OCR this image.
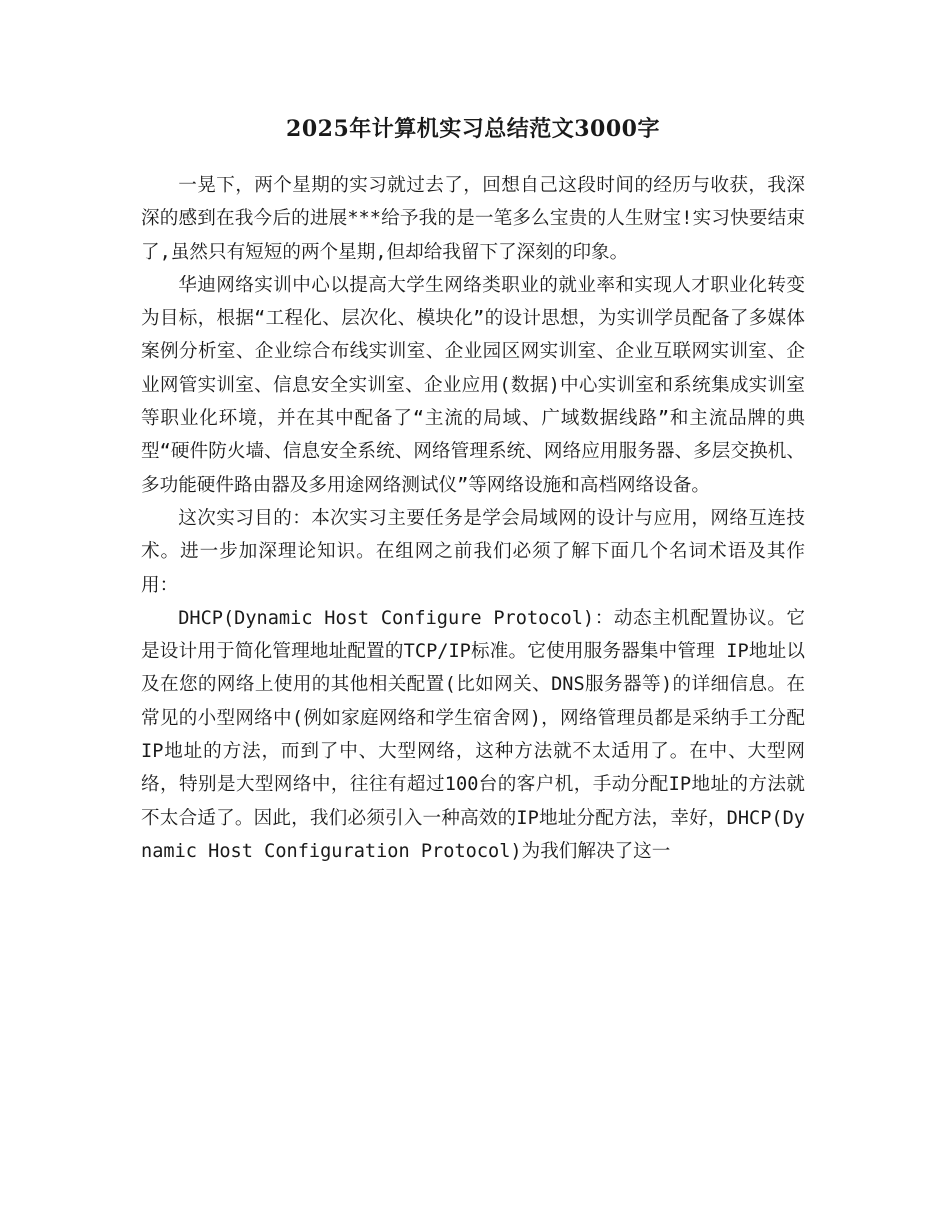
2025年计算机实习总结范文3000字

一晃下，两个星期的实习就过去了，回想自己这段时间的经历与收获，我深深的感到在我今后的进展***给予我的是一笔多么宝贵的人生财宝!实习快要结束了,虽然只有短短的两个星期,但却给我留下了深刻的印象。

华迪网络实训中心以提高大学生网络类职业的就业率和实现人才职业化转变为目标，根据“工程化、层次化、模块化”的设计思想，为实训学员配备了多媒体案例分析室、企业综合布线实训室、企业园区网实训室、企业互联网实训室、企业网管实训室、信息安全实训室、企业应用(数据)中心实训室和系统集成实训室等职业化环境，并在其中配备了“主流的局域、广域数据线路”和主流品牌的典型“硬件防火墙、信息安全系统、网络管理系统、网络应用服务器、多层交换机、多功能硬件路由器及多用途网络测试仪”等网络设施和高档网络设备。

这次实习目的：本次实习主要任务是学会局域网的设计与应用，网络互连技术。进一步加深理论知识。在组网之前我们必须了解下面几个名词术语及其作用：

DHCP(Dynamic Host Configure Protocol)：动态主机配置协议。它是设计用于简化管理地址配置的TCP/IP标准。它使用服务器集中管理 IP地址以及在您的网络上使用的其他相关配置(比如网关、DNS服务器等)的详细信息。在常见的小型网络中(例如家庭网络和学生宿舍网)，网络管理员都是采纳手工分配IP地址的方法，而到了中、大型网络，这种方法就不太适用了。在中、大型网络，特别是大型网络中，往往有超过100台的客户机，手动分配IP地址的方法就不太合适了。因此，我们必须引入一种高效的IP地址分配方法，幸好，DHCP(Dynamic Host Configuration Protocol)为我们解决了这一
